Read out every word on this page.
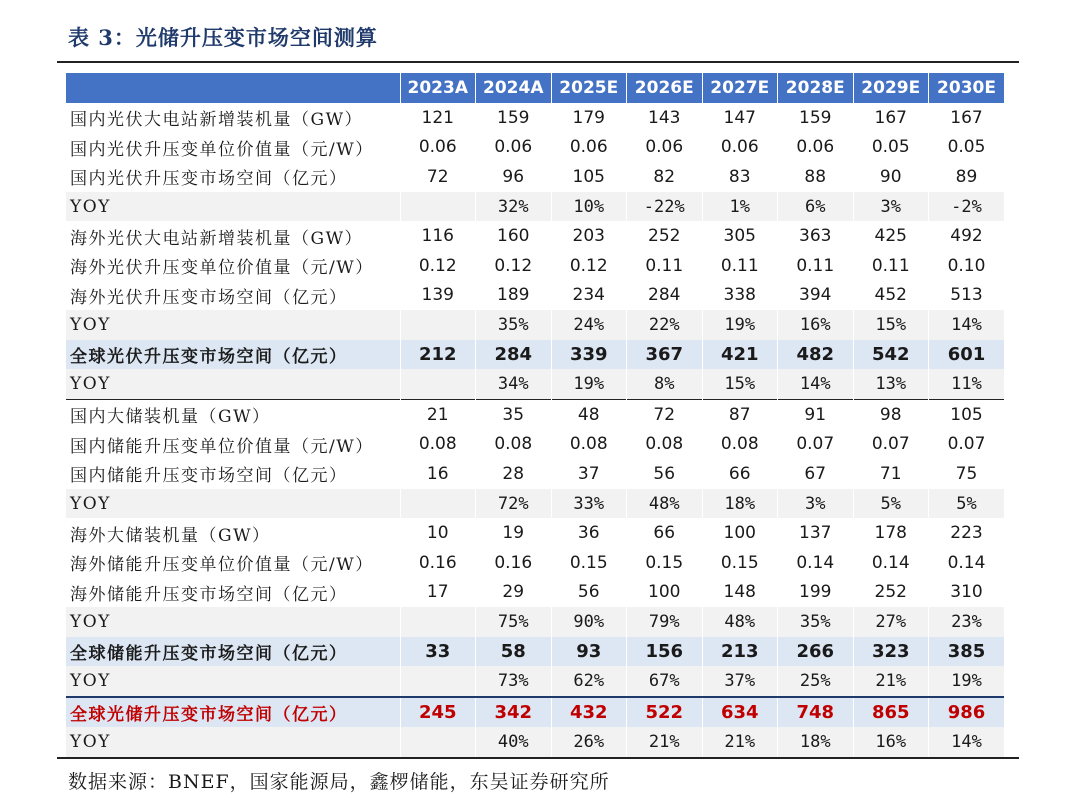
表 3：光储升压变市场空间测算
	2023A	2024A	2025E	2026E	2027E	2028E	2029E	2030E
国内光伏大电站新增装机量（GW）	121	159	179	143	147	159	167	167
国内光伏升压变单位价值量（元/W）	0.06	0.06	0.06	0.06	0.06	0.06	0.05	0.05
国内光伏升压变市场空间（亿元）	72	96	105	82	83	88	90	89
YOY		32%	10%	-22%	1%	6%	3%	-2%
海外光伏大电站新增装机量（GW）	116	160	203	252	305	363	425	492
海外光伏升压变单位价值量（元/W）	0.12	0.12	0.12	0.11	0.11	0.11	0.11	0.10
海外光伏升压变市场空间（亿元）	139	189	234	284	338	394	452	513
YOY		35%	24%	22%	19%	16%	15%	14%
全球光伏升压变市场空间（亿元）	212	284	339	367	421	482	542	601
YOY		34%	19%	8%	15%	14%	13%	11%
国内大储装机量（GW）	21	35	48	72	87	91	98	105
国内储能升压变单位价值量（元/W）	0.08	0.08	0.08	0.08	0.08	0.07	0.07	0.07
国内储能升压变市场空间（亿元）	16	28	37	56	66	67	71	75
YOY		72%	33%	48%	18%	3%	5%	5%
海外大储装机量（GW）	10	19	36	66	100	137	178	223
海外储能升压变单位价值量（元/W）	0.16	0.16	0.15	0.15	0.15	0.14	0.14	0.14
海外储能升压变市场空间（亿元）	17	29	56	100	148	199	252	310
YOY		75%	90%	79%	48%	35%	27%	23%
全球储能升压变市场空间（亿元）	33	58	93	156	213	266	323	385
YOY		73%	62%	67%	37%	25%	21%	19%
全球光储升压变市场空间（亿元）	245	342	432	522	634	748	865	986
YOY		40%	26%	21%	21%	18%	16%	14%
数据来源：BNEF，国家能源局，鑫椤储能，东吴证券研究所
